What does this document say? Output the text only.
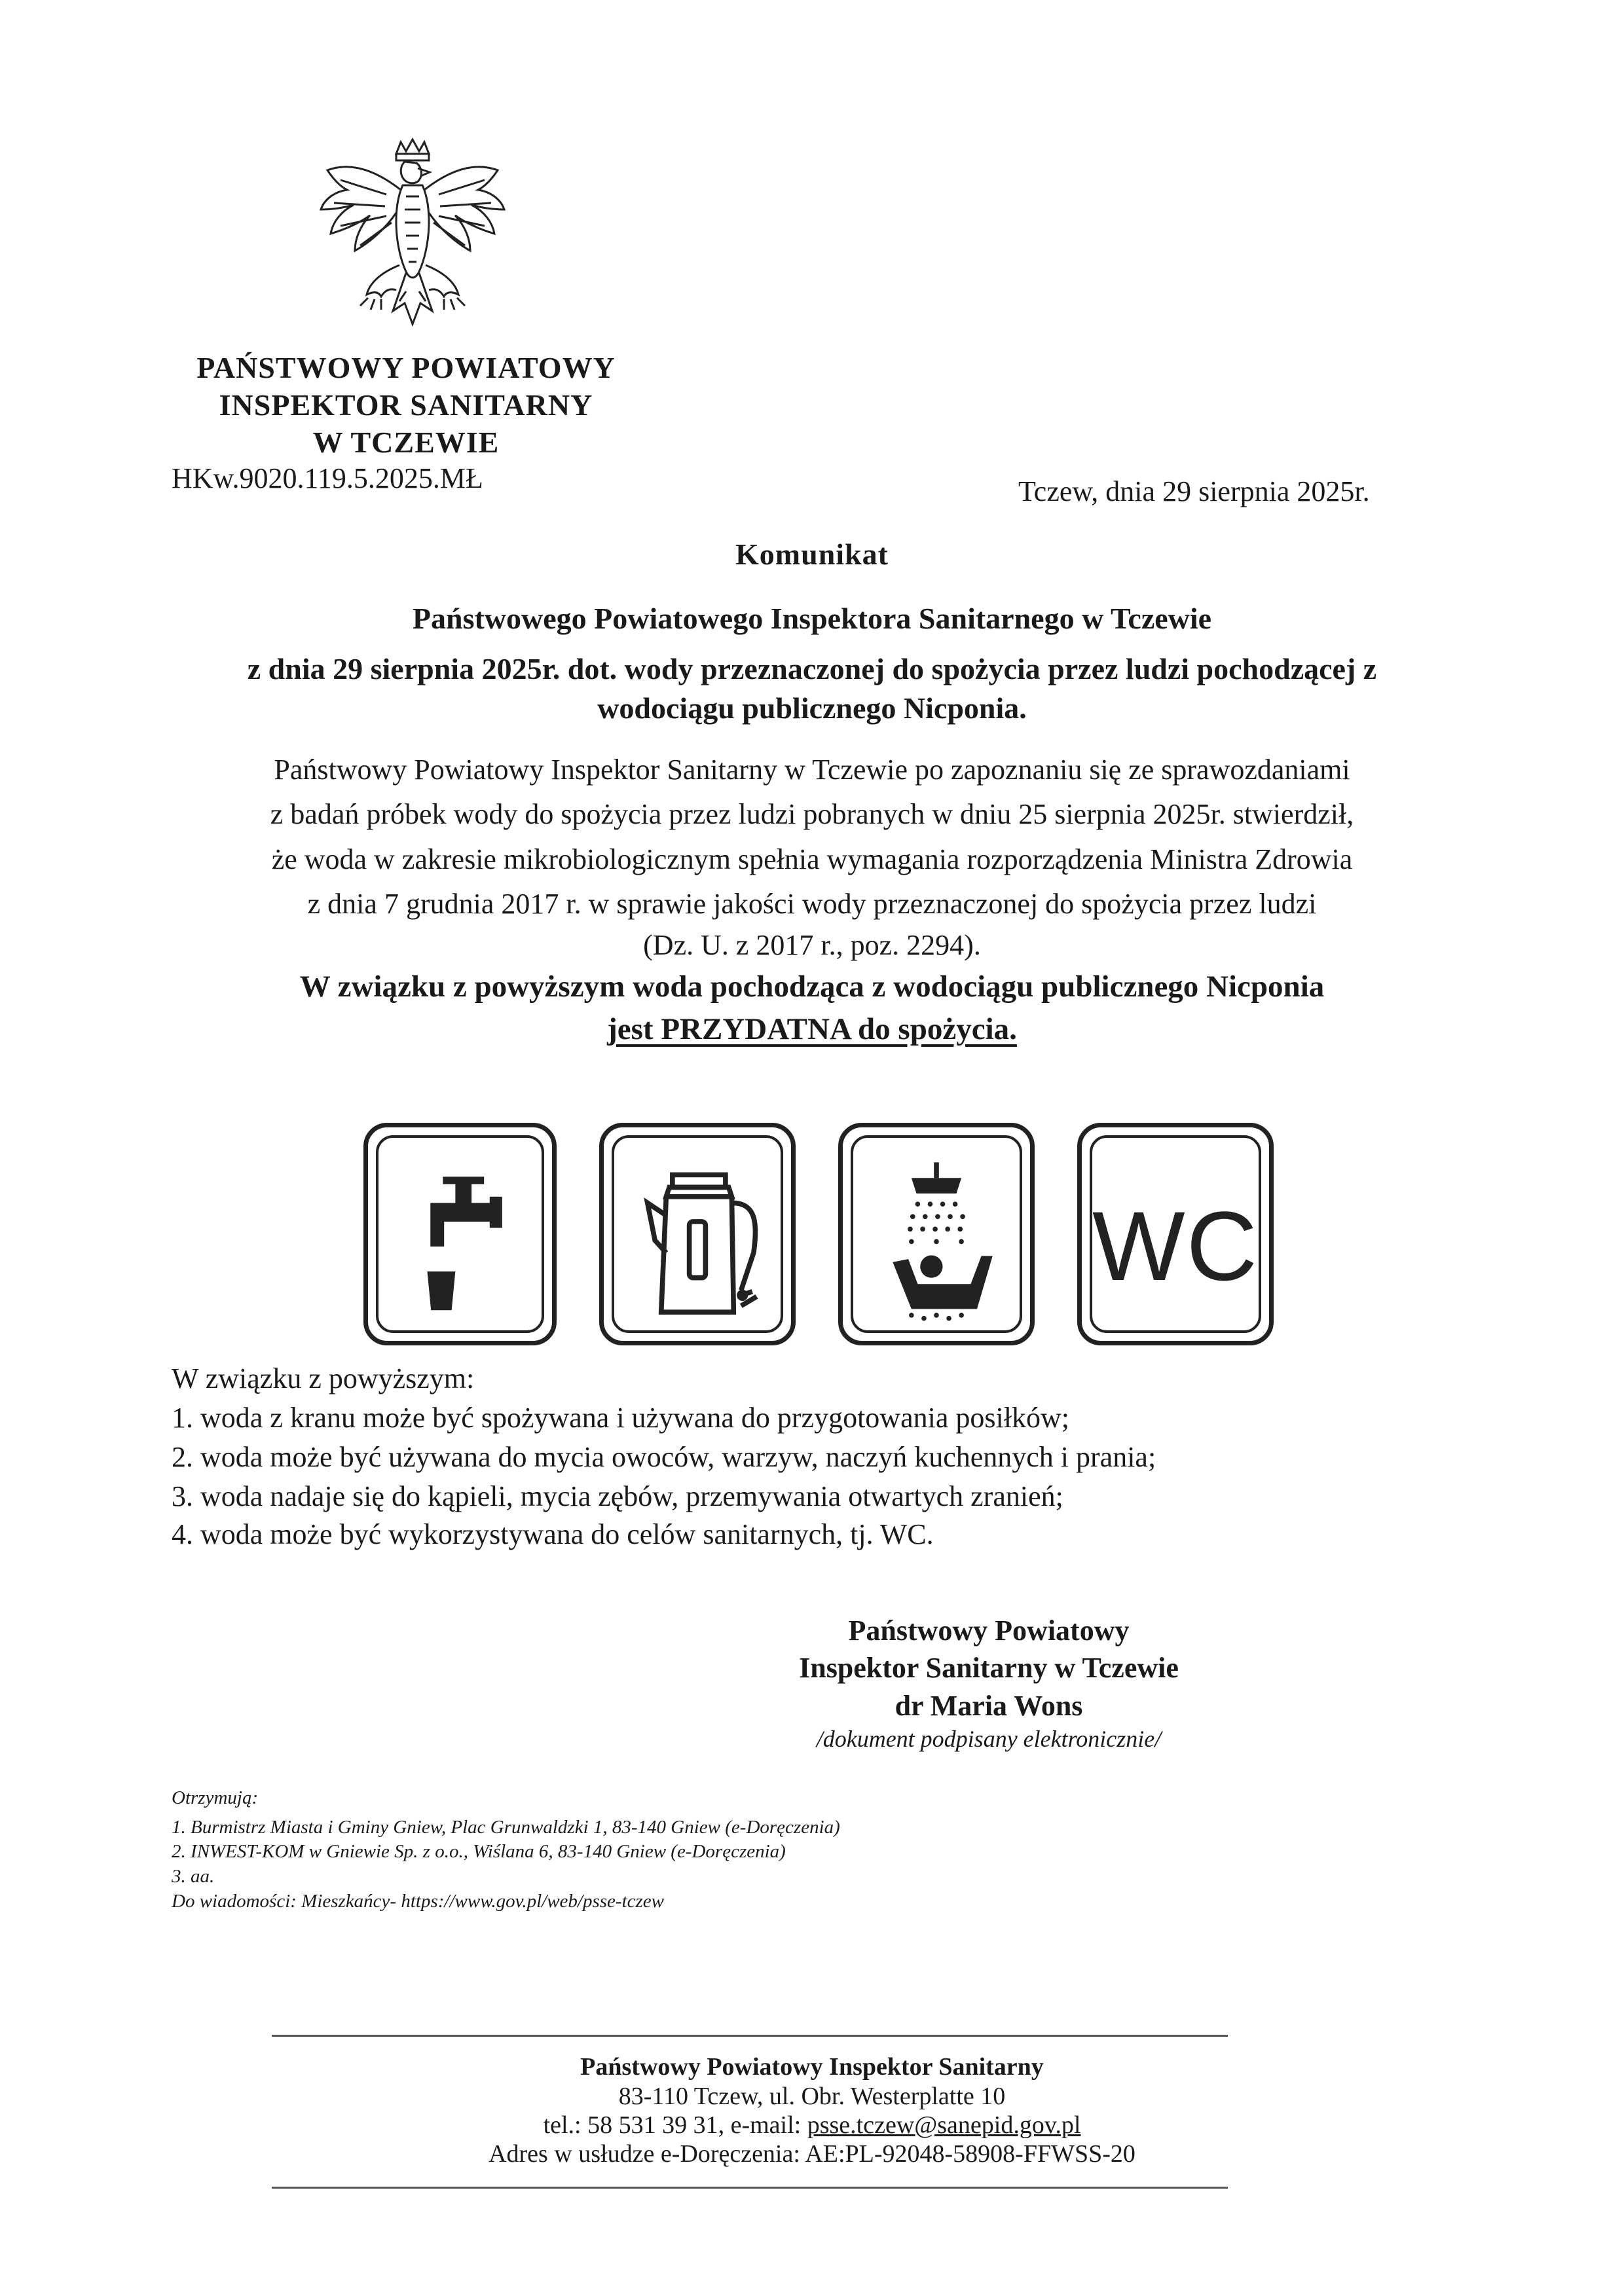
PAŃSTWOWY POWIATOWY
INSPEKTOR SANITARNY
W TCZEWIE
HKw.9020.119.5.2025.MŁ	Tczew, dnia 29 sierpnia 2025r.
Komunikat
Państwowego Powiatowego Inspektora Sanitarnego w Tczewie
z dnia 29 sierpnia 2025r. dot. wody przeznaczonej do spożycia przez ludzi pochodzącej z
wodociągu publicznego Nicponia.
Państwowy Powiatowy Inspektor Sanitarny w Tczewie po zapoznaniu się ze sprawozdaniami
z badań próbek wody do spożycia przez ludzi pobranych w dniu 25 sierpnia 2025r. stwierdził,
że woda w zakresie mikrobiologicznym spełnia wymagania rozporządzenia Ministra Zdrowia
z dnia 7 grudnia 2017 r. w sprawie jakości wody przeznaczonej do spożycia przez ludzi
(Dz. U. z 2017 r., poz. 2294).
W związku z powyższym woda pochodząca z wodociągu publicznego Nicponia
jest PRZYDATNA do spożycia.
WC
W związku z powyższym:
1. woda z kranu może być spożywana i używana do przygotowania posiłków;
2. woda może być używana do mycia owoców, warzyw, naczyń kuchennych i prania;
3. woda nadaje się do kąpieli, mycia zębów, przemywania otwartych zranień;
4. woda może być wykorzystywana do celów sanitarnych, tj. WC.
Państwowy Powiatowy
Inspektor Sanitarny w Tczewie
dr Maria Wons
/dokument podpisany elektronicznie/
Otrzymują:
1. Burmistrz Miasta i Gminy Gniew, Plac Grunwaldzki 1, 83-140 Gniew (e-Doręczenia)
2. INWEST-KOM w Gniewie Sp. z o.o., Wiślana 6, 83-140 Gniew (e-Doręczenia)
3. aa.
Do wiadomości: Mieszkańcy- https://www.gov.pl/web/psse-tczew
Państwowy Powiatowy Inspektor Sanitarny
83-110 Tczew, ul. Obr. Westerplatte 10
tel.: 58 531 39 31, e-mail: psse.tczew@sanepid.gov.pl
Adres w usłudze e-Doręczenia: AE:PL-92048-58908-FFWSS-20
